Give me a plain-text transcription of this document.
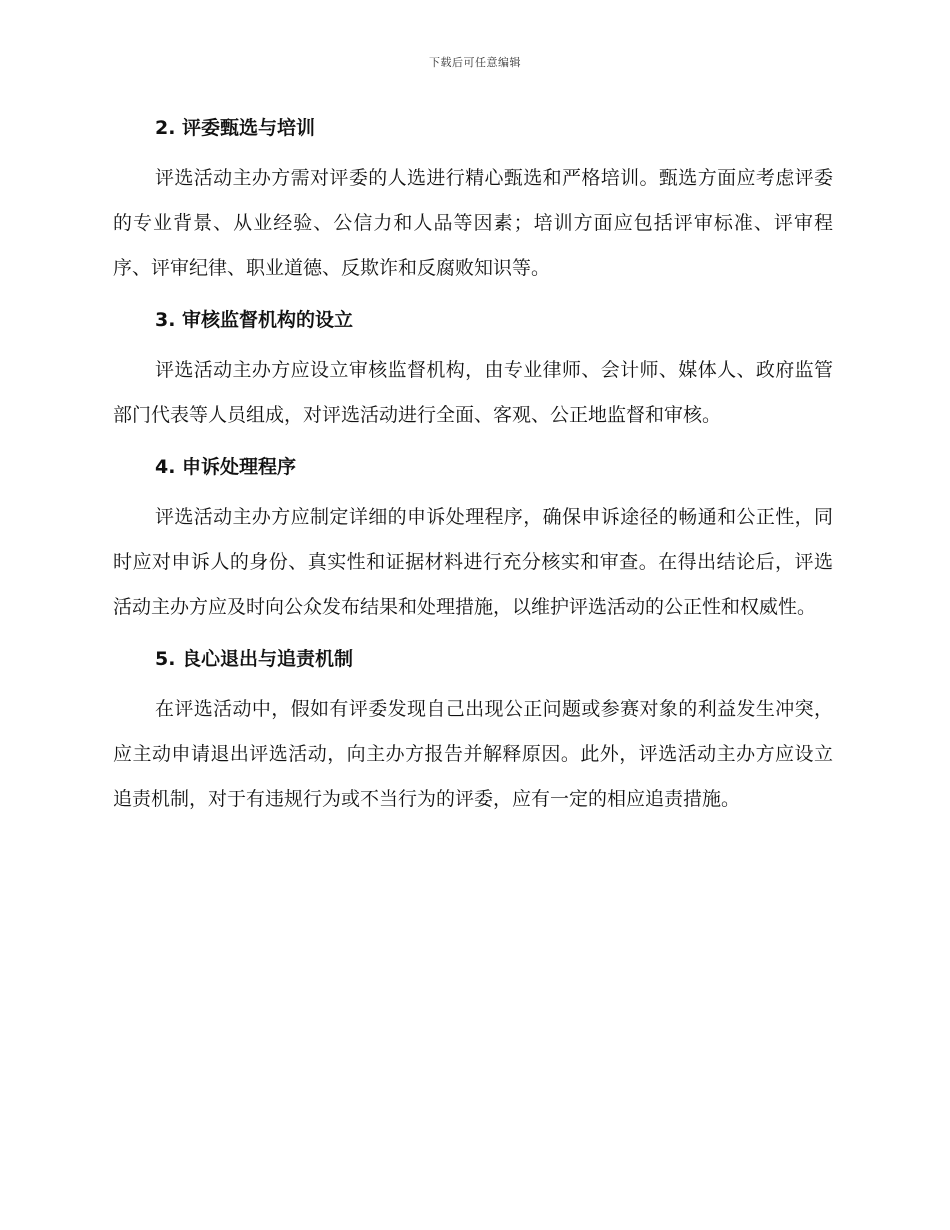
下载后可任意编辑
2. 评委甄选与培训

评选活动主办方需对评委的人选进行精心甄选和严格培训。甄选方面应考虑评委的专业背景、从业经验、公信力和人品等因素；培训方面应包括评审标准、评审程序、评审纪律、职业道德、反欺诈和反腐败知识等。

3. 审核监督机构的设立

评选活动主办方应设立审核监督机构，由专业律师、会计师、媒体人、政府监管部门代表等人员组成，对评选活动进行全面、客观、公正地监督和审核。

4. 申诉处理程序

评选活动主办方应制定详细的申诉处理程序，确保申诉途径的畅通和公正性，同时应对申诉人的身份、真实性和证据材料进行充分核实和审查。在得出结论后，评选活动主办方应及时向公众发布结果和处理措施，以维护评选活动的公正性和权威性。

5. 良心退出与追责机制

在评选活动中，假如有评委发现自己出现公正问题或参赛对象的利益发生冲突，应主动申请退出评选活动，向主办方报告并解释原因。此外，评选活动主办方应设立追责机制，对于有违规行为或不当行为的评委，应有一定的相应追责措施。
